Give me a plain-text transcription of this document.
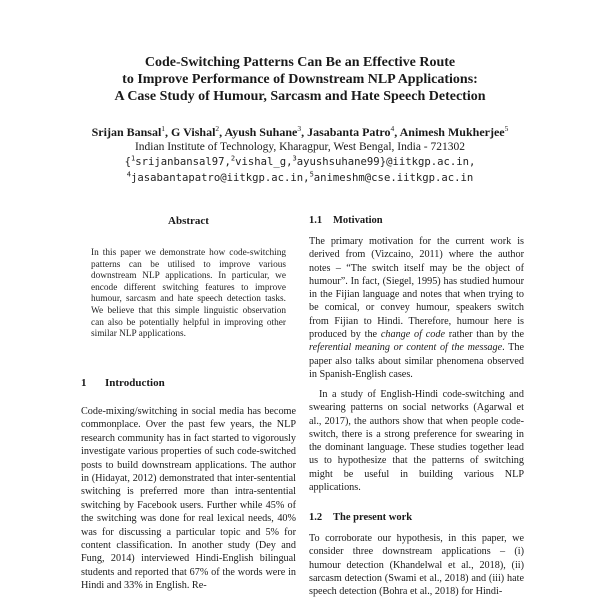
Code-Switching Patterns Can Be an Effective Route
to Improve Performance of Downstream NLP Applications:
A Case Study of Humour, Sarcasm and Hate Speech Detection
Srijan Bansal$^1$, G Vishal$^2$, Ayush Suhane$^3$, Jasabanta Patro$^4$, Animesh Mukherjee$^5$
Indian Institute of Technology, Kharagpur, West Bengal, India - 721302
{$^1$srijanbansal97,$^2$vishal_g,$^3$ayushsuhane99}@iitkgp.ac.in,
$^4$jasabantapatro@iitkgp.ac.in,$^5$animeshm@cse.iitkgp.ac.in
Abstract
In this paper we demonstrate how code-switching patterns can be utilised to improve various downstream NLP applications. In particular, we encode different switching features to improve humour, sarcasm and hate speech detection tasks. We believe that this simple linguistic observation can also be potentially helpful in improving other similar NLP applications.
1 Introduction
Code-mixing/switching in social media has become commonplace. Over the past few years, the NLP research community has in fact started to vigorously investigate various properties of such code-switched posts to build downstream applications. The author in (Hidayat, 2012) demonstrated that inter-sentential switching is preferred more than intra-sentential switching by Facebook users. Further while 45% of the switching was done for real lexical needs, 40% was for discussing a particular topic and 5% for content classification. In another study (Dey and Fung, 2014) interviewed Hindi-English bilingual students and reported that 67% of the words were in Hindi and 33% in English. Re-
1.1 Motivation
The primary motivation for the current work is derived from (Vizcaino, 2011) where the author notes – “The switch itself may be the object of humour”. In fact, (Siegel, 1995) has studied humour in the Fijian language and notes that when trying to be comical, or convey humour, speakers switch from Fijian to Hindi. Therefore, humour here is produced by the change of code rather than by the referential meaning or content of the message. The paper also talks about similar phenomena observed in Spanish-English cases.
In a study of English-Hindi code-switching and swearing patterns on social networks (Agarwal et al., 2017), the authors show that when people code-switch, there is a strong preference for swearing in the dominant language. These studies together lead us to hypothesize that the patterns of switching might be useful in building various NLP applications.
1.2 The present work
To corroborate our hypothesis, in this paper, we consider three downstream applications – (i) humour detection (Khandelwal et al., 2018), (ii) sarcasm detection (Swami et al., 2018) and (iii) hate speech detection (Bohra et al., 2018) for Hindi-
